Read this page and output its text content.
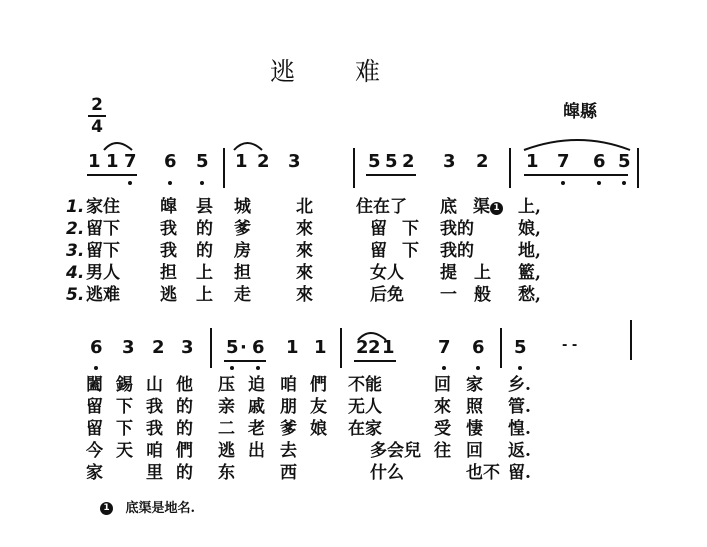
逃 难
皡縣
2
4
1 1 7 6 5 1 2 3	5 5 2 3 2 1 7 6 5
1. 家住 皡 县 城	北	住在了 底 渠 1 上,
2. 留下 我 的 爹	來	留 下 我的	娘,
3. 留下 我 的 房	來	留 下 我的	地,
4. 男人 担 上 担	來	女人 提 上 籃,
5. 逃难 逃 上 走	來	后免 一 般 愁,
6 3 2 3 5 · 6 1 1 2 2 1 7 6 5	- -
闔 錫 山 他 压 迫 咱 們 不能	回 家 乡.
留 下 我 的 亲 戚 朋 友 无人	來 照 管.
留 下 我 的 二 老 爹 娘 在家	受 悽 惶.
今 天 咱 們 逃 出 去	多会兒 往 回 返.
家	里 的 东	西	什么	也不 留.
1 底渠是地名.
